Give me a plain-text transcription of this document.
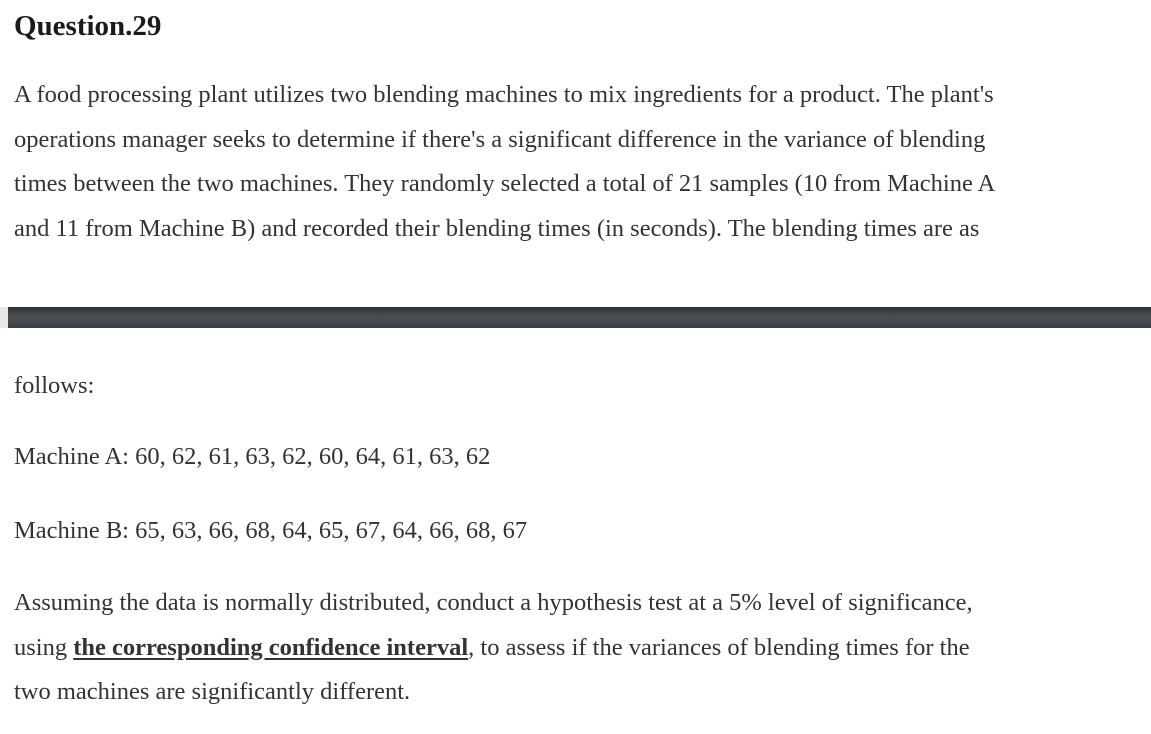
Question.29
A food processing plant utilizes two blending machines to mix ingredients for a product. The plant's
operations manager seeks to determine if there's a significant difference in the variance of blending
times between the two machines. They randomly selected a total of 21 samples (10 from Machine A
and 11 from Machine B) and recorded their blending times (in seconds). The blending times are as
follows:
Machine A: 60, 62, 61, 63, 62, 60, 64, 61, 63, 62
Machine B: 65, 63, 66, 68, 64, 65, 67, 64, 66, 68, 67
Assuming the data is normally distributed, conduct a hypothesis test at a 5% level of significance,
using the corresponding confidence interval, to assess if the variances of blending times for the
two machines are significantly different.
